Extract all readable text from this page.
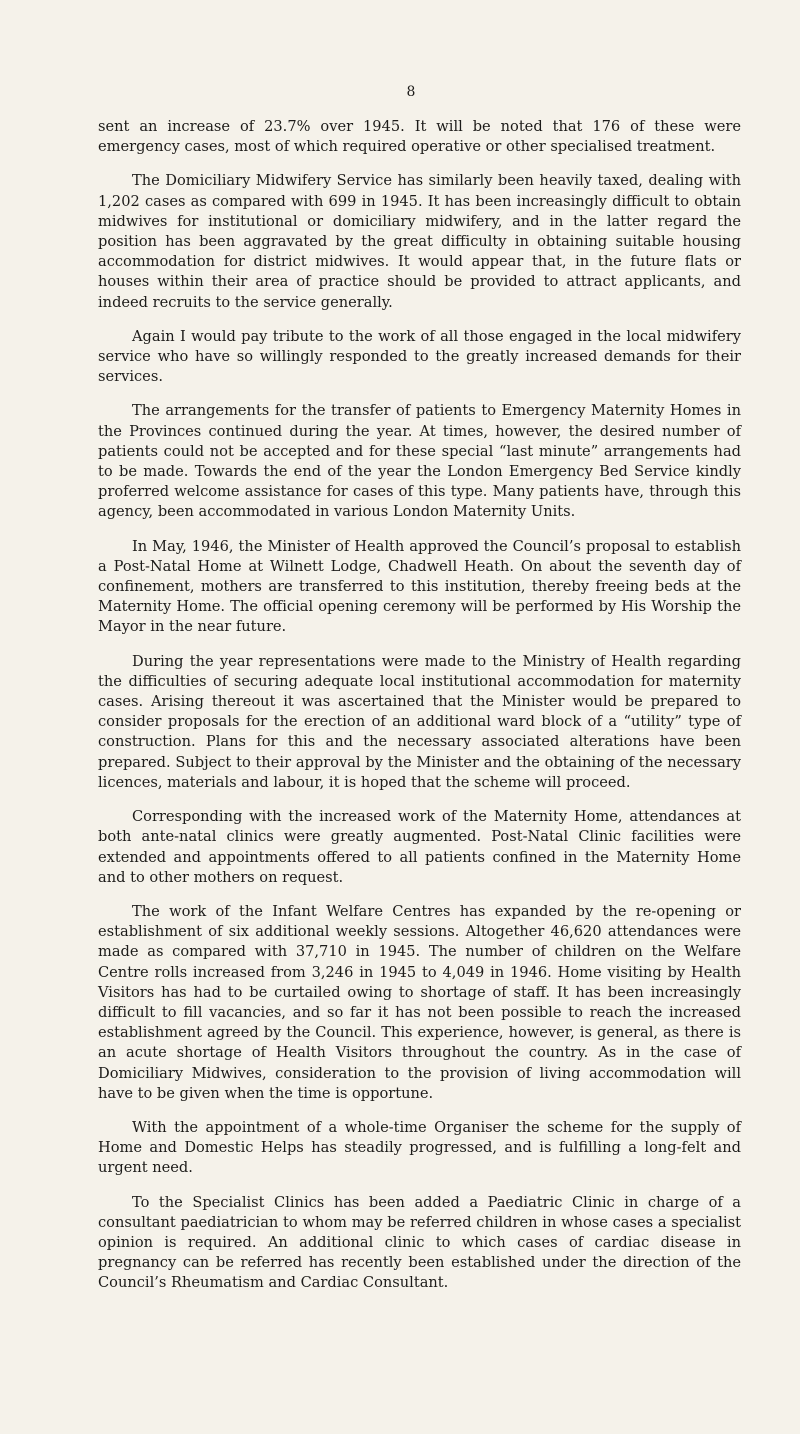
8

sent an increase of 23.7% over 1945. It will be noted that 176 of these were emergency cases, most of which required operative or other specialised treatment.

The Domiciliary Midwifery Service has similarly been heavily taxed, dealing with 1,202 cases as compared with 699 in 1945. It has been increasingly difficult to obtain midwives for institutional or domiciliary midwifery, and in the latter regard the position has been aggravated by the great difficulty in obtaining suitable housing accommodation for district midwives. It would appear that, in the future flats or houses within their area of practice should be provided to attract applicants, and indeed recruits to the service generally.

Again I would pay tribute to the work of all those engaged in the local midwifery service who have so willingly responded to the greatly increased demands for their services.

The arrangements for the transfer of patients to Emergency Maternity Homes in the Provinces continued during the year. At times, however, the desired number of patients could not be accepted and for these special “last minute” arrangements had to be made. Towards the end of the year the London Emergency Bed Service kindly proferred welcome assistance for cases of this type. Many patients have, through this agency, been accommodated in various London Maternity Units.

In May, 1946, the Minister of Health approved the Council’s proposal to establish a Post-Natal Home at Wilnett Lodge, Chadwell Heath. On about the seventh day of confinement, mothers are transferred to this institution, thereby freeing beds at the Maternity Home. The official opening ceremony will be performed by His Worship the Mayor in the near future.

During the year representations were made to the Ministry of Health regarding the difficulties of securing adequate local institutional accommodation for maternity cases. Arising thereout it was ascertained that the Minister would be prepared to consider proposals for the erection of an additional ward block of a “utility” type of construction. Plans for this and the necessary associated alterations have been prepared. Subject to their approval by the Minister and the obtaining of the necessary licences, materials and labour, it is hoped that the scheme will proceed.

Corresponding with the increased work of the Maternity Home, attendances at both ante-natal clinics were greatly augmented. Post-Natal Clinic facilities were extended and appointments offered to all patients confined in the Maternity Home and to other mothers on request.

The work of the Infant Welfare Centres has expanded by the re-opening or establishment of six additional weekly sessions. Altogether 46,620 attendances were made as compared with 37,710 in 1945. The number of children on the Welfare Centre rolls increased from 3,246 in 1945 to 4,049 in 1946. Home visiting by Health Visitors has had to be curtailed owing to shortage of staff. It has been increasingly difficult to fill vacancies, and so far it has not been possible to reach the increased establishment agreed by the Council. This experience, however, is general, as there is an acute shortage of Health Visitors throughout the country. As in the case of Domiciliary Midwives, consideration to the provision of living accommodation will have to be given when the time is opportune.

With the appointment of a whole-time Organiser the scheme for the supply of Home and Domestic Helps has steadily progressed, and is fulfilling a long-felt and urgent need.

To the Specialist Clinics has been added a Paediatric Clinic in charge of a consultant paediatrician to whom may be referred children in whose cases a specialist opinion is required. An additional clinic to which cases of cardiac disease in pregnancy can be referred has recently been established under the direction of the Council’s Rheumatism and Cardiac Consultant.
